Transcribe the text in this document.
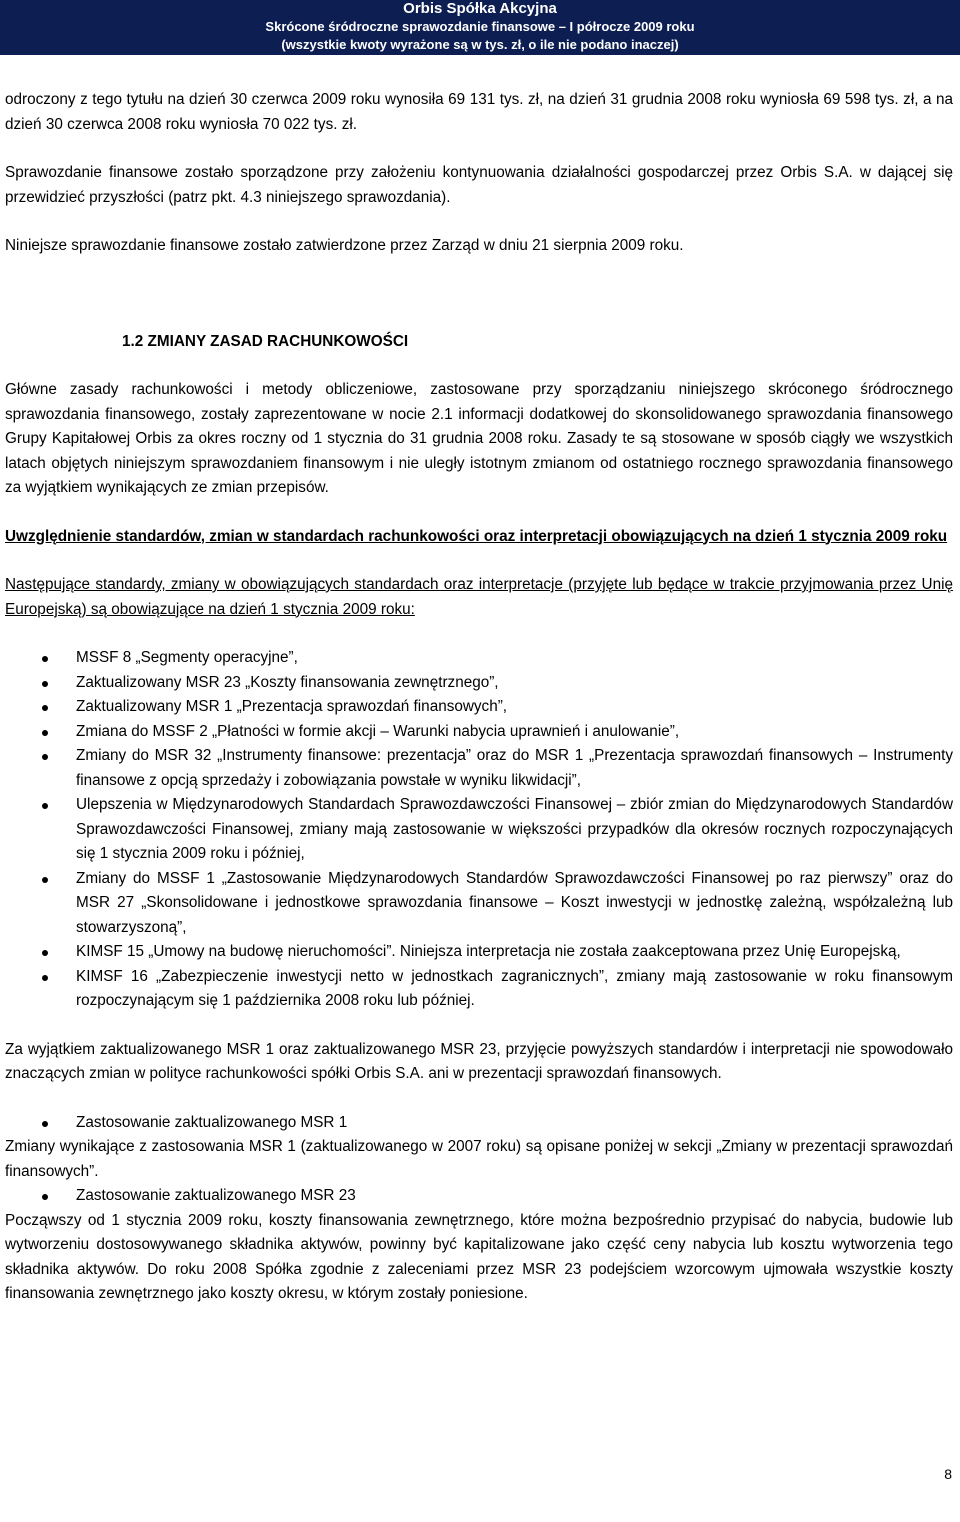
Orbis Spółka Akcyjna
Skrócone śródroczne sprawozdanie finansowe – I półrocze 2009 roku
(wszystkie kwoty wyrażone są w tys. zł, o ile nie podano inaczej)

odroczony z tego tytułu na dzień 30 czerwca 2009 roku wynosiła 69 131 tys. zł, na dzień 31 grudnia 2008 roku wyniosła 69 598 tys. zł, a na dzień 30 czerwca 2008 roku wyniosła 70 022 tys. zł.

Sprawozdanie finansowe zostało sporządzone przy założeniu kontynuowania działalności gospodarczej przez Orbis S.A. w dającej się przewidzieć przyszłości (patrz pkt. 4.3 niniejszego sprawozdania).

Niniejsze sprawozdanie finansowe zostało zatwierdzone przez Zarząd w dniu 21 sierpnia 2009 roku.

1.2 ZMIANY ZASAD RACHUNKOWOŚCI

Główne zasady rachunkowości i metody obliczeniowe, zastosowane przy sporządzaniu niniejszego skróconego śródrocznego sprawozdania finansowego, zostały zaprezentowane w nocie 2.1 informacji dodatkowej do skonsolidowanego sprawozdania finansowego Grupy Kapitałowej Orbis za okres roczny od 1 stycznia do 31 grudnia 2008 roku. Zasady te są stosowane w sposób ciągły we wszystkich latach objętych niniejszym sprawozdaniem finansowym i nie uległy istotnym zmianom od ostatniego rocznego sprawozdania finansowego za wyjątkiem wynikających ze zmian przepisów.

Uwzględnienie standardów, zmian w standardach rachunkowości oraz interpretacji obowiązujących na dzień 1 stycznia 2009 roku

Następujące standardy, zmiany w obowiązujących standardach oraz interpretacje (przyjęte lub będące w trakcie przyjmowania przez Unię Europejską) są obowiązujące na dzień 1 stycznia 2009 roku:

MSSF 8 „Segmenty operacyjne”,
Zaktualizowany MSR 23 „Koszty finansowania zewnętrznego”,
Zaktualizowany MSR 1 „Prezentacja sprawozdań finansowych”,
Zmiana do MSSF 2 „Płatności w formie akcji – Warunki nabycia uprawnień i anulowanie”,
Zmiany do MSR 32 „Instrumenty finansowe: prezentacja” oraz do MSR 1 „Prezentacja sprawozdań finansowych – Instrumenty finansowe z opcją sprzedaży i zobowiązania powstałe w wyniku likwidacji”,
Ulepszenia w Międzynarodowych Standardach Sprawozdawczości Finansowej – zbiór zmian do Międzynarodowych Standardów Sprawozdawczości Finansowej, zmiany mają zastosowanie w większości przypadków dla okresów rocznych rozpoczynających się 1 stycznia 2009 roku i później,
Zmiany do MSSF 1 „Zastosowanie Międzynarodowych Standardów Sprawozdawczości Finansowej po raz pierwszy” oraz do MSR 27 „Skonsolidowane i jednostkowe sprawozdania finansowe – Koszt inwestycji w jednostkę zależną, współzależną lub stowarzyszoną”,
KIMSF 15 „Umowy na budowę nieruchomości”. Niniejsza interpretacja nie została zaakceptowana przez Unię Europejską,
KIMSF 16 „Zabezpieczenie inwestycji netto w jednostkach zagranicznych”, zmiany mają zastosowanie w roku finansowym rozpoczynającym się 1 października 2008 roku lub później.

Za wyjątkiem zaktualizowanego MSR 1 oraz zaktualizowanego MSR 23, przyjęcie powyższych standardów i interpretacji nie spowodowało znaczących zmian w polityce rachunkowości spółki Orbis S.A. ani w prezentacji sprawozdań finansowych.

Zastosowanie zaktualizowanego MSR 1

Zmiany wynikające z zastosowania MSR 1 (zaktualizowanego w 2007 roku) są opisane poniżej w sekcji „Zmiany w prezentacji sprawozdań finansowych”.

Zastosowanie zaktualizowanego MSR 23

Począwszy od 1 stycznia 2009 roku, koszty finansowania zewnętrznego, które można bezpośrednio przypisać do nabycia, budowie lub wytworzeniu dostosowywanego składnika aktywów, powinny być kapitalizowane jako część ceny nabycia lub kosztu wytworzenia tego składnika aktywów. Do roku 2008 Spółka zgodnie z zaleceniami przez MSR 23 podejściem wzorcowym ujmowała wszystkie koszty finansowania zewnętrznego jako koszty okresu, w którym zostały poniesione.

8
